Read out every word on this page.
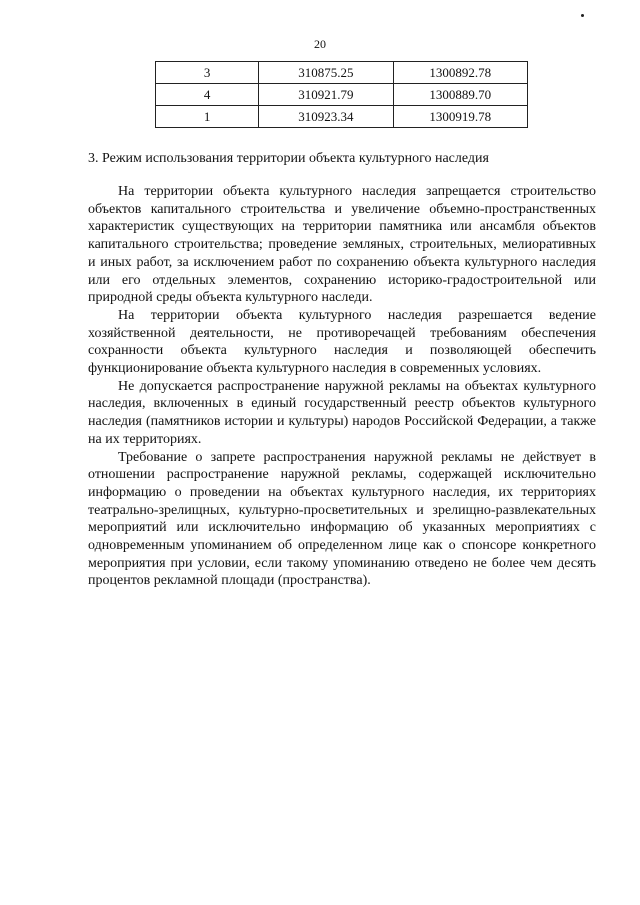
20
3	310875.25	1300892.78
4	310921.79	1300889.70
1	310923.34	1300919.78
3. Режим использования территории объекта культурного наследия

На территории объекта культурного наследия запрещается строительство объектов капитального строительства и увеличение объемно-пространственных характеристик существующих на территории памятника или ансамбля объектов капитального строительства; проведение земляных, строительных, мелиоративных и иных работ, за исключением работ по сохранению объекта культурного наследия или его отдельных элементов, сохранению историко-градостроительной или природной среды объекта культурного наследи.

На территории объекта культурного наследия разрешается ведение хозяйственной деятельности, не противоречащей требованиям обеспечения сохранности объекта культурного наследия и позволяющей обеспечить функционирование объекта культурного наследия в современных условиях.

Не допускается распространение наружной рекламы на объектах культурного наследия, включенных в единый государственный реестр объектов культурного наследия (памятников истории и культуры) народов Российской Федерации, а также на их территориях.

Требование о запрете распространения наружной рекламы не действует в отношении распространение наружной рекламы, содержащей исключительно информацию о проведении на объектах культурного наследия, их территориях театрально-зрелищных, культурно-просветительных и зрелищно-развлекательных мероприятий или исключительно информацию об указанных мероприятиях с одновременным упоминанием об определенном лице как о спонсоре конкретного мероприятия при условии, если такому упоминанию отведено не более чем десять процентов рекламной площади (пространства).
